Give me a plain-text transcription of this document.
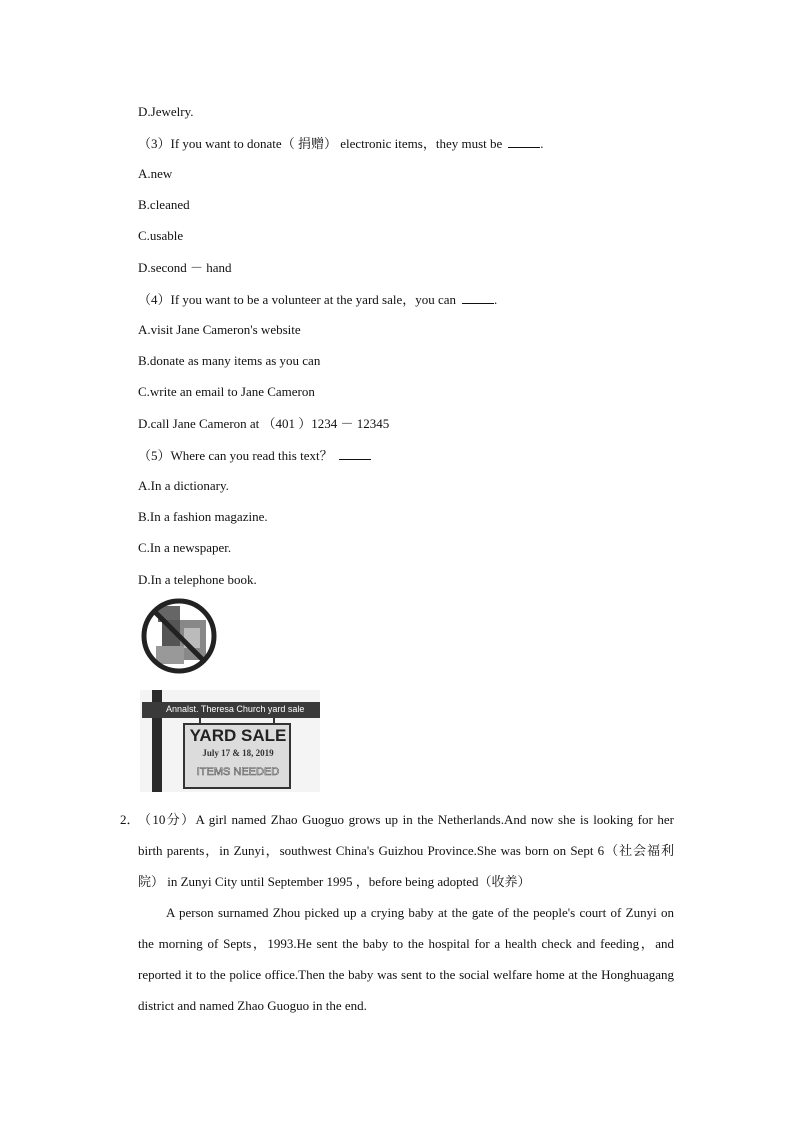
D.Jewelry.
（3）If you want to donate（ 捐赠） electronic items，they must be	.
A.new
B.cleaned
C.usable
D.second － hand
（4）If you want to be a volunteer at the yard sale，you can	.
A.visit Jane Cameron's website
B.donate as many items as you can
C.write an email to Jane Cameron
D.call Jane Cameron at （401 ）1234 － 12345
（5）Where can you read this text？
A.In a dictionary.
B.In a fashion magazine.
C.In a newspaper.
D.In a telephone book.
Annalst. Theresa Church yard sale
YARD SALE
July 17 & 18, 2019
ITEMS NEEDED
2．
（10分）A girl named Zhao Guoguo grows up in the Netherlands.And now she is looking for her birth parents，in Zunyi，southwest China's Guizhou Province.She was born on Sept 6（社会福利院） in Zunyi City until September 1995 ，before being adopted（收养）
A person surnamed Zhou picked up a crying baby at the gate of the people's court of Zunyi on the morning of Septs，1993.He sent the baby to the hospital for a health check and feeding，and reported it to the police office.Then the baby was sent to the social welfare home at the Honghuagang district and named Zhao Guoguo in the end.
